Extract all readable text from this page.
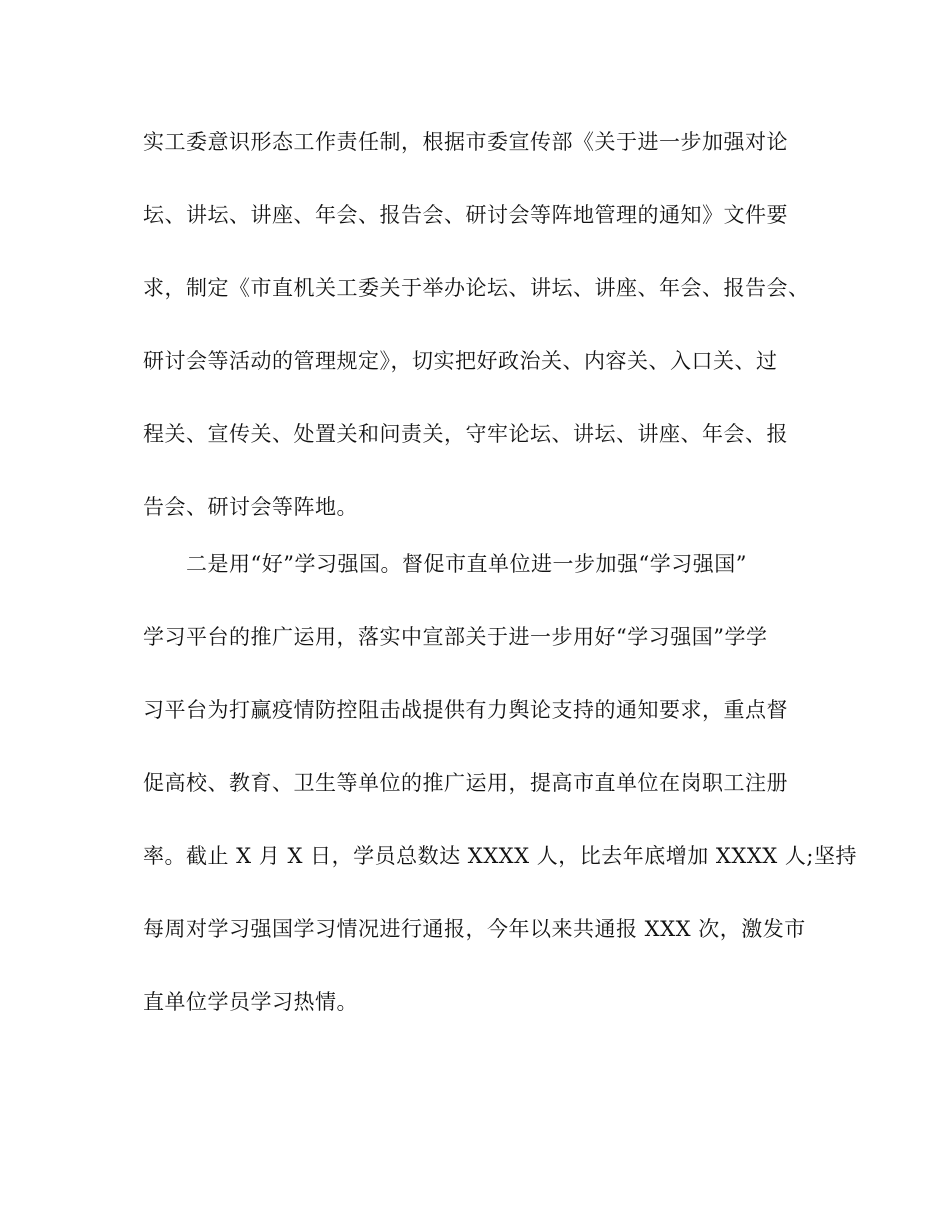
实工委意识形态工作责任制，根据市委宣传部《关于进一步加强对论
坛、讲坛、讲座、年会、报告会、研讨会等阵地管理的通知》文件要
求，制定《市直机关工委关于举办论坛、讲坛、讲座、年会、报告会、
研讨会等活动的管理规定》，切实把好政治关、内容关、入口关、过
程关、宣传关、处置关和问责关，守牢论坛、讲坛、讲座、年会、报
告会、研讨会等阵地。
二是用“好”学习强国。督促市直单位进一步加强“学习强国”
学习平台的推广运用，落实中宣部关于进一步用好“学习强国”学学
习平台为打赢疫情防控阻击战提供有力舆论支持的通知要求，重点督
促高校、教育、卫生等单位的推广运用，提高市直单位在岗职工注册
率。截止 X 月 X 日，学员总数达 XXXX 人，比去年底增加 XXXX 人;坚持
每周对学习强国学习情况进行通报，今年以来共通报 XXX 次，激发市
直单位学员学习热情。
